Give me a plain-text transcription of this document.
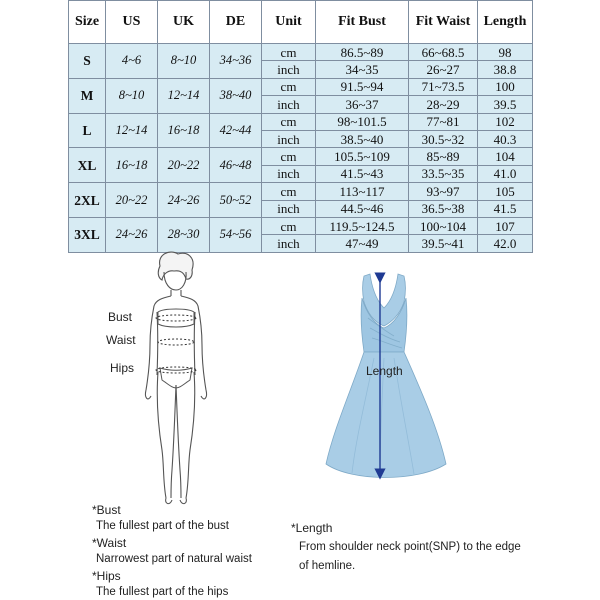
Size	US	UK	DE	Unit	Fit Bust	Fit Waist	Length
S	4~6	8~10	34~36	cm	86.5~89	66~68.5	98
				inch	34~35	26~27	38.8
M	8~10	12~14	38~40	cm	91.5~94	71~73.5	100
				inch	36~37	28~29	39.5
L	12~14	16~18	42~44	cm	98~101.5	77~81	102
				inch	38.5~40	30.5~32	40.3
XL	16~18	20~22	46~48	cm	105.5~109	85~89	104
				inch	41.5~43	33.5~35	41.0
2XL	20~22	24~26	50~52	cm	113~117	93~97	105
				inch	44.5~46	36.5~38	41.5
3XL	24~26	28~30	54~56	cm	119.5~124.5	100~104	107
				inch	47~49	39.5~41	42.0
Bust
Waist
Hips	Length
*Bust
The fullest part of the bust
*Waist
Narrowest part of natural waist
*Hips
The fullest part of the hips
*Length
From shoulder neck point(SNP) to the edge
of hemline.
